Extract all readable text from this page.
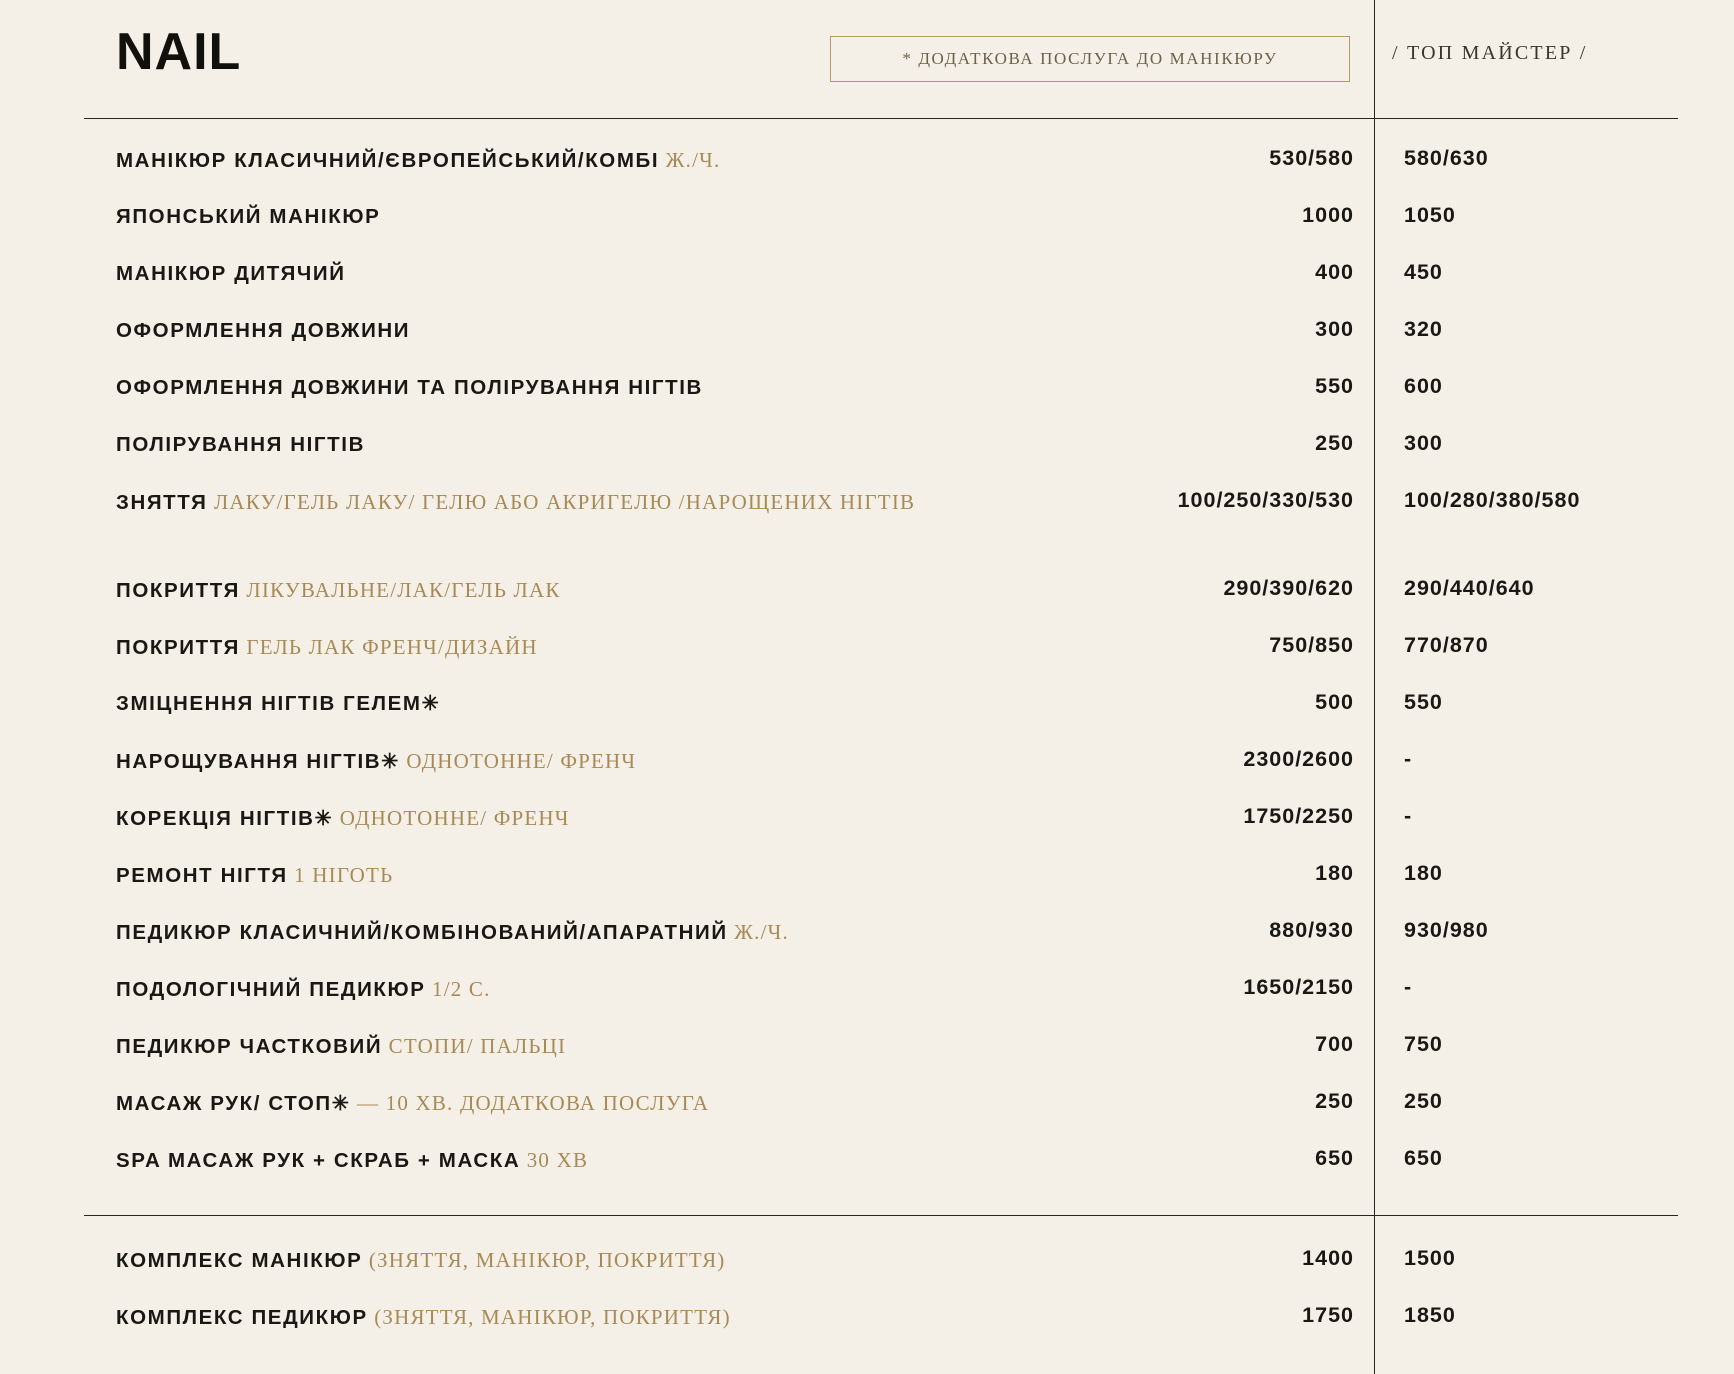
NAIL	* ДОДАТКОВА ПОСЛУГА ДО МАНІКЮРУ	/ ТОП МАЙСТЕР /
МАНІКЮР КЛАСИЧНИЙ/ЄВРОПЕЙСЬКИЙ/КОМБІ Ж./Ч.	530/580 580/630
ЯПОНСЬКИЙ МАНІКЮР	1000 1050
МАНІКЮР ДИТЯЧИЙ	400 450
ОФОРМЛЕННЯ ДОВЖИНИ	300 320
ОФОРМЛЕННЯ ДОВЖИНИ ТА ПОЛІРУВАННЯ НІГТІВ	550 600
ПОЛІРУВАННЯ НІГТІВ	250 300
ЗНЯТТЯ ЛАКУ/ГЕЛЬ ЛАКУ/ ГЕЛЮ АБО АКРИГЕЛЮ /НАРОЩЕНИХ НІГТІВ	100/250/330/530 100/280/380/580
ПОКРИТТЯ ЛІКУВАЛЬНЕ/ЛАК/ГЕЛЬ ЛАК	290/390/620 290/440/640
ПОКРИТТЯ ГЕЛЬ ЛАК ФРЕНЧ/ДИЗАЙН	750/850 770/870
ЗМІЦНЕННЯ НІГТІВ ГЕЛЕМ✳	500 550
НАРОЩУВАННЯ НІГТІВ✳ ОДНОТОННЕ/ ФРЕНЧ	2300/2600 -
КОРЕКЦІЯ НІГТІВ✳ ОДНОТОННЕ/ ФРЕНЧ	1750/2250 -
РЕМОНТ НІГТЯ 1 НІГОТЬ	180 180
ПЕДИКЮР КЛАСИЧНИЙ/КОМБІНОВАНИЙ/АПАРАТНИЙ Ж./Ч.	880/930 930/980
ПОДОЛОГІЧНИЙ ПЕДИКЮР 1/2 С.	1650/2150 -
ПЕДИКЮР ЧАСТКОВИЙ СТОПИ/ ПАЛЬЦІ	700 750
МАСАЖ РУК/ СТОП✳ — 10 ХВ. ДОДАТКОВА ПОСЛУГА	250 250
SPA МАСАЖ РУК + СКРАБ + МАСКА 30 ХВ	650 650
КОМПЛЕКС МАНІКЮР (ЗНЯТТЯ, МАНІКЮР, ПОКРИТТЯ)	1400 1500
КОМПЛЕКС ПЕДИКЮР (ЗНЯТТЯ, МАНІКЮР, ПОКРИТТЯ)	1750 1850
